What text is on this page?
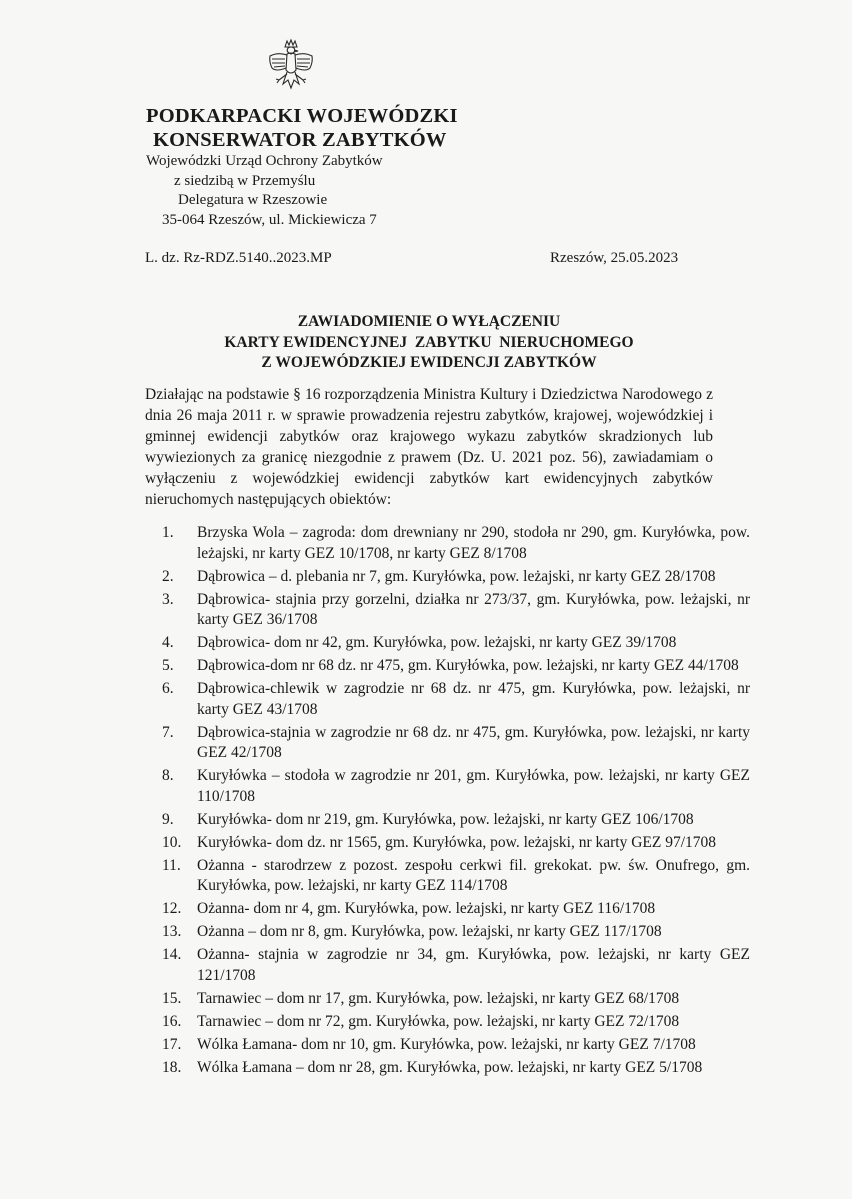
PODKARPACKI WOJEWÓDZKI

KONSERWATOR ZABYTKÓW

Wojewódzki Urząd Ochrony Zabytków

z siedzibą w Przemyślu

Delegatura w Rzeszowie

35-064 Rzeszów, ul. Mickiewicza 7

L. dz. Rz-RDZ.5140..2023.MP	Rzeszów, 25.05.2023
ZAWIADOMIENIE O WYŁĄCZENIU
KARTY EWIDENCYJNEJ  ZABYTKU  NIERUCHOMEGO
Z WOJEWÓDZKIEJ EWIDENCJI ZABYTKÓW

Działając na podstawie § 16 rozporządzenia Ministra Kultury i Dziedzictwa Narodowego z dnia 26 maja 2011 r. w sprawie prowadzenia rejestru zabytków, krajowej, wojewódzkiej i gminnej ewidencji zabytków oraz krajowego wykazu zabytków skradzionych lub wywiezionych za granicę niezgodnie z prawem (Dz. U. 2021 poz. 56), zawiadamiam o wyłączeniu z wojewódzkiej ewidencji zabytków kart ewidencyjnych zabytków nieruchomych następujących obiektów:

1.	Brzyska Wola – zagroda: dom drewniany nr 290, stodoła nr 290, gm. Kuryłówka, pow. leżajski, nr karty GEZ 10/1708, nr karty GEZ 8/1708
2.	Dąbrowica – d. plebania nr 7, gm. Kuryłówka, pow. leżajski, nr karty GEZ 28/1708
3.	Dąbrowica- stajnia przy gorzelni, działka nr 273/37, gm. Kuryłówka, pow. leżajski, nr karty GEZ 36/1708
4.	Dąbrowica- dom nr 42, gm. Kuryłówka, pow. leżajski, nr karty GEZ 39/1708
5.	Dąbrowica-dom nr 68 dz. nr 475, gm. Kuryłówka, pow. leżajski, nr karty GEZ 44/1708
6.	Dąbrowica-chlewik w zagrodzie nr 68 dz. nr 475, gm. Kuryłówka, pow. leżajski, nr karty GEZ 43/1708
7.	Dąbrowica-stajnia w zagrodzie nr 68 dz. nr 475, gm. Kuryłówka, pow. leżajski, nr karty GEZ 42/1708
8.	Kuryłówka – stodoła w zagrodzie nr 201, gm. Kuryłówka, pow. leżajski, nr karty GEZ 110/1708
9.	Kuryłówka- dom nr 219, gm. Kuryłówka, pow. leżajski, nr karty GEZ 106/1708
10.	Kuryłówka- dom dz. nr 1565, gm. Kuryłówka, pow. leżajski, nr karty GEZ 97/1708
11.	Ożanna - starodrzew z pozost. zespołu cerkwi fil. grekokat. pw. św. Onufrego, gm. Kuryłówka, pow. leżajski, nr karty GEZ 114/1708
12.	Ożanna- dom nr 4, gm. Kuryłówka, pow. leżajski, nr karty GEZ 116/1708
13.	Ożanna – dom nr 8, gm. Kuryłówka, pow. leżajski, nr karty GEZ 117/1708
14.	Ożanna- stajnia w zagrodzie nr 34, gm. Kuryłówka, pow. leżajski, nr karty GEZ 121/1708
15.	Tarnawiec – dom nr 17, gm. Kuryłówka, pow. leżajski, nr karty GEZ 68/1708
16.	Tarnawiec – dom nr 72, gm. Kuryłówka, pow. leżajski, nr karty GEZ 72/1708
17.	Wólka Łamana- dom nr 10, gm. Kuryłówka, pow. leżajski, nr karty GEZ 7/1708
18.	Wólka Łamana – dom nr 28, gm. Kuryłówka, pow. leżajski, nr karty GEZ 5/1708
